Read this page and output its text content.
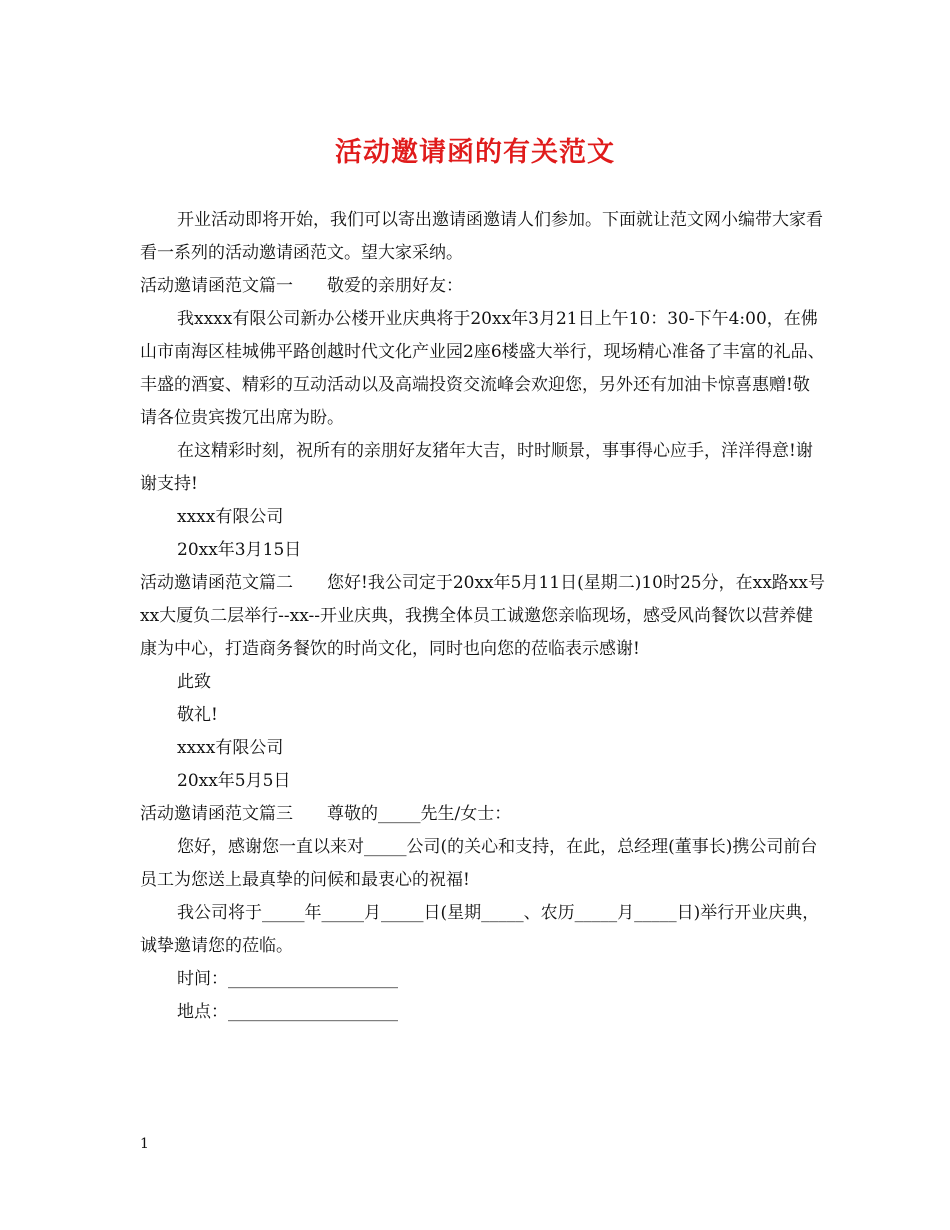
活动邀请函的有关范文

开业活动即将开始，我们可以寄出邀请函邀请人们参加。下面就让范文网小编带大家看看一系列的活动邀请函范文。望大家采纳。

活动邀请函范文篇一　　敬爱的亲朋好友：

我xxxx有限公司新办公楼开业庆典将于20xx年3月21日上午10：30-下午4:00，在佛山市南海区桂城佛平路创越时代文化产业园2座6楼盛大举行，现场精心准备了丰富的礼品、丰盛的酒宴、精彩的互动活动以及高端投资交流峰会欢迎您，另外还有加油卡惊喜惠赠!敬请各位贵宾拨冗出席为盼。

在这精彩时刻，祝所有的亲朋好友猪年大吉，时时顺景，事事得心应手，洋洋得意!谢谢支持!

xxxx有限公司

20xx年3月15日

活动邀请函范文篇二　　您好!我公司定于20xx年5月11日(星期二)10时25分，在xx路xx号xx大厦负二层举行--xx--开业庆典，我携全体员工诚邀您亲临现场，感受风尚餐饮以营养健康为中心，打造商务餐饮的时尚文化，同时也向您的莅临表示感谢!

此致

敬礼!

xxxx有限公司

20xx年5月5日

活动邀请函范文篇三　　尊敬的_____先生/女士：

您好，感谢您一直以来对_____公司(的关心和支持，在此，总经理(董事长)携公司前台员工为您送上最真挚的问候和最衷心的祝福!

我公司将于_____年_____月_____日(星期_____、农历_____月_____日)举行开业庆典，诚挚邀请您的莅临。

时间：____________________

地点：____________________

1
